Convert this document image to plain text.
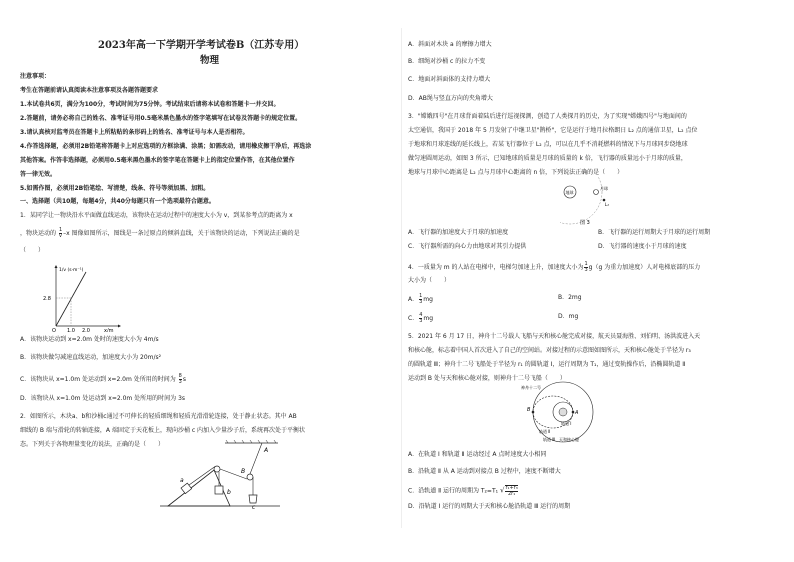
2023年高一下学期开学考试卷B（江苏专用）
物理
注意事项：
考生在答题前请认真阅读本注意事项及各题答题要求
1.本试卷共6页，满分为100分，考试时间为75分钟。考试结束后请将本试卷和答题卡一并交回。
2.答题前，请务必将自己的姓名、准考证号用0.5毫米黑色墨水的签字笔填写在试卷及答题卡的规定位置。
3.请认真核对监考员在答题卡上所粘贴的条形码上的姓名、准考证号与本人是否相符。
4.作答选择题，必须用2B铅笔将答题卡上对应选项的方框涂满、涂黑；如需改动，请用橡皮擦干净后，再选涂
其他答案。作答非选择题，必须用0.5毫米黑色墨水的签字笔在答题卡上的指定位置作答，在其他位置作
答一律无效。
5.如需作图，必须用2B铅笔绘、写清楚，线条、符号等须加黑、加粗。
一、选择题（共10题，每题4分，共40分每题只有一个选项最符合题意。
1．某同学让一物块沿水平面做直线运动，该物块在运动过程中的速度大小为 v，到某参考点的距离为 x
，物块运动的 $\frac{1}{v} -x$ 图像如图所示，图线是一条过原点的倾斜直线，关于该物块的运动，下列说法正确的是
（　　）
1/v (s·m⁻¹)
2.8
O 1.0 2.0	x/m
A．该物块运动到 x=2.0m 处时的速度大小为 4m/s
B．该物块做匀减速直线运动，加速度大小为 20m/s²
C．该物块从 x=1.0m 处运动到 x=2.0m 处所用的时间为 $\frac{8}{3}$ s
D．该物块从 x=1.0m 处运动到 x=2.0m 处所用的时间为 3s
2．如图所示，木块a、b和沙桶c通过不可伸长的轻质细绳和轻质光滑滑轮连接，处于静止状态。其中 AB
细线的 B 端与滑轮的转轴连接，A 端固定于天花板上，现向沙桶 c 内加入少量沙子后，系统再次处于平衡状
态。下列关于各物理量变化的说法，正确的是（　　）
a
b
c
A
B
A．斜面对木块 a 的摩擦力增大
B．细绳对沙桶 c 的拉力不变
C．地面对斜面体的支持力增大
D．AB绳与竖直方向的夹角增大
3．"嫦娥四号"在月球背面着陆后进行巡视探测，创造了人类探月的历史，为了实现"嫦娥四号"与地面间的
太空通信，我国于 2018 年 5 月发射了中继卫星"鹊桥"，它是运行于地月拉格朗日 L₂ 点的通信卫星，L₂ 点位
于地球和月球连线的延长线上，若某飞行器位于 L₂ 点，可以在几乎不消耗燃料的情况下与月球同步绕地球
做匀速圆周运动，如图 3 所示，已知地球的质量是月球的质量的 k 倍，飞行器的质量远小于月球的质量，
地球与月球中心距离是 L₂ 点与月球中心距离的 n 倍，下列说法正确的是（　　）
地球
月球
L₂
图 3
A．飞行器的加速度大于月球的加速度	B．飞行器的运行周期大于月球的运行周期
C．飞行器所需的向心力由地球对其引力提供	D．飞行器的速度小于月球的速度
4．一质量为 m 的人站在电梯中，电梯匀加速上升，加速度大小为 $\frac{1}{3} g(g$ 为重力加速度）人对电梯底部的压力
大小为（　　）
A． $\frac{1}{3}$ mg	B．2mg
C． $\frac{4}{3}$ mg	D．mg
5．2021 年 6 月 17 日，神舟十二号载人飞船与天和核心舱完成对接，航天员聂海胜、刘伯明、汤洪波进入天
和核心舱，标志着中国人首次进入了自己的空间站。对接过程的示意图如图所示，天和核心舱处于半径为 r₃
的圆轨道 Ⅲ；神舟十二号飞船处于半径为 r₁ 的圆轨道 Ⅰ，运行周期为 T₁，通过变轨操作后，沿椭圆轨道 Ⅱ
运动到 B 处与天和核心舱对接，则神舟十二号飞船（　　）
A
B
神舟十二号
轨道 Ⅰ
轨道 Ⅱ
轨道 Ⅲ　天和核心舱
A．在轨道 Ⅰ 和轨道 Ⅱ 运动经过 A 点时速度大小相同
B．沿轨道 Ⅱ 从 A 运动到对接点 B 过程中，速度不断增大
C．沿轨道 Ⅱ 运行的周期为 T₂=T₁ √ $\frac{\text{r₁+r₃}}{\text{2r₁}}$
D．沿轨道 Ⅰ 运行的周期大于天和核心舱沿轨道 Ⅲ 运行的周期
